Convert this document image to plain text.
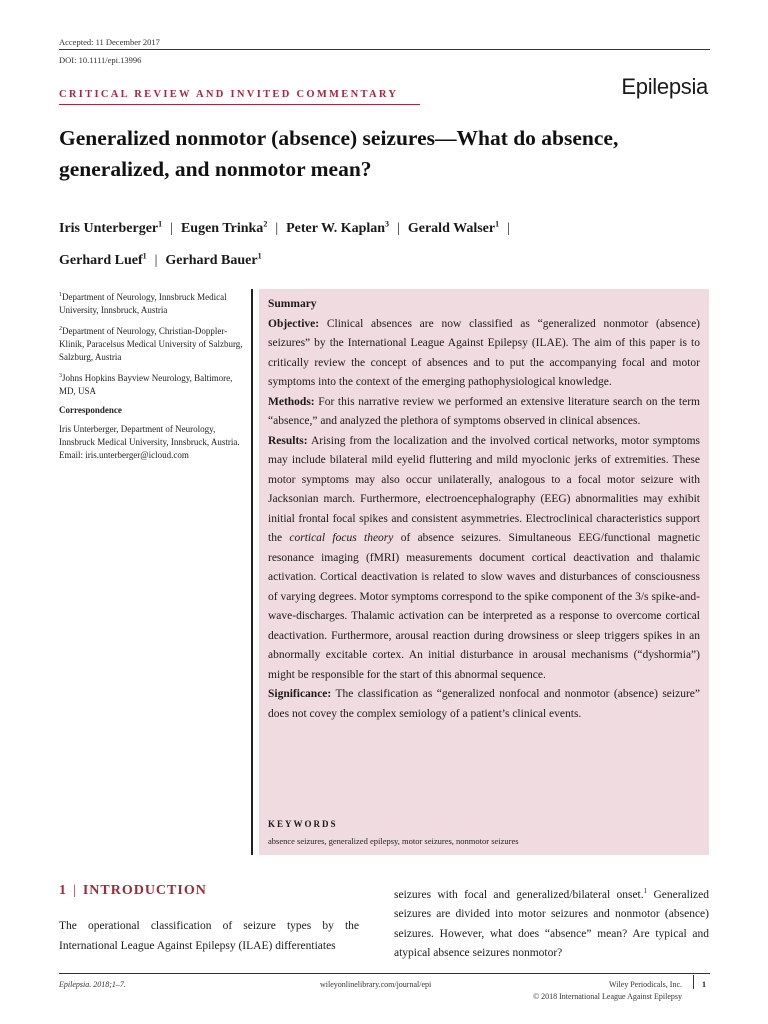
Accepted: 11 December 2017
DOI: 10.1111/epi.13996
CRITICAL REVIEW AND INVITED COMMENTARY	Epilepsia
Generalized nonmotor (absence) seizures—What do absence, generalized, and nonmotor mean?
Iris Unterberger$^1$ | Eugen Trinka$^2$ | Peter W. Kaplan$^3$ | Gerald Walser$^1$ |
Gerhard Luef$^1$ | Gerhard Bauer$^1$

$^1$Department of Neurology, Innsbruck Medical University, Innsbruck, Austria

$^2$Department of Neurology, Christian-Doppler-Klinik, Paracelsus Medical University of Salzburg, Salzburg, Austria

$^3$Johns Hopkins Bayview Neurology, Baltimore, MD, USA

Correspondence

Iris Unterberger, Department of Neurology, Innsbruck Medical University, Innsbruck, Austria.

Email: iris.unterberger@icloud.com

Summary

Objective: Clinical absences are now classified as “generalized nonmotor (absence) seizures” by the International League Against Epilepsy (ILAE). The aim of this paper is to critically review the concept of absences and to put the accompanying focal and motor symptoms into the context of the emerging pathophysiological knowledge.

Methods: For this narrative review we performed an extensive literature search on the term “absence,” and analyzed the plethora of symptoms observed in clinical absences.

Results: Arising from the localization and the involved cortical networks, motor symptoms may include bilateral mild eyelid fluttering and mild myoclonic jerks of extremities. These motor symptoms may also occur unilaterally, analogous to a focal motor seizure with Jacksonian march. Furthermore, electroencephalography (EEG) abnormalities may exhibit initial frontal focal spikes and consistent asymmetries. Electroclinical characteristics support the cortical focus theory of absence seizures. Simultaneous EEG/functional magnetic resonance imaging (fMRI) measurements document cortical deactivation and thalamic activation. Cortical deactivation is related to slow waves and disturbances of consciousness of varying degrees. Motor symptoms correspond to the spike component of the 3/s spike-and-wave-discharges. Thalamic activation can be interpreted as a response to overcome cortical deactivation. Furthermore, arousal reaction during drowsiness or sleep triggers spikes in an abnormally excitable cortex. An initial disturbance in arousal mechanisms (“dyshormia”) might be responsible for the start of this abnormal sequence.

Significance: The classification as “generalized nonfocal and nonmotor (absence) seizure” does not covey the complex semiology of a patient’s clinical events.

KEYWORDS
absence seizures, generalized epilepsy, motor seizures, nonmotor seizures
1 | INTRODUCTION
The operational classification of seizure types by the International League Against Epilepsy (ILAE) differentiates
seizures with focal and generalized/bilateral onset.$^1$ Generalized seizures are divided into motor seizures and nonmotor (absence) seizures. However, what does “absence” mean? Are typical and atypical absence seizures nonmotor?
Epilepsia. 2018;1–7.	wileyonlinelibrary.com/journal/epi	Wiley Periodicals, Inc.	1
© 2018 International League Against Epilepsy
